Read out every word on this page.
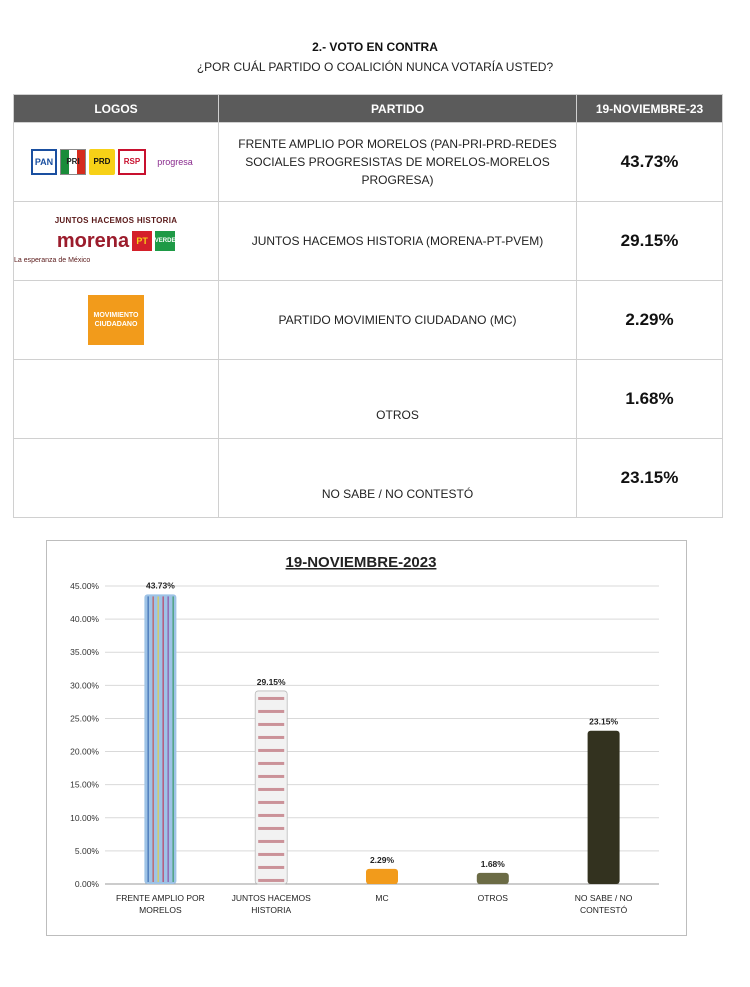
2.- VOTO EN CONTRA
¿POR CUÁL PARTIDO O COALICIÓN NUNCA VOTARÍA USTED?
LOGOS	PARTIDO	19-NOVIEMBRE-23

PAN PRI PRD RSP progresa	FRENTE AMPLIO POR MORELOS (PAN-PRI-PRD-REDES SOCIALES PROGRESISTAS DE MORELOS-MORELOS PROGRESA)	43.73%

JUNTOS HACEMOS HISTORIA
morena PT VERDE
La esperanza de México	JUNTOS HACEMOS HISTORIA (MORENA-PT-PVEM)	29.15%

MOVIMIENTO
CIUDADANO	PARTIDO MOVIMIENTO CIUDADANO (MC)	2.29%
	OTROS	1.68%
	NO SABE / NO CONTESTÓ	23.15%
19-NOVIEMBRE-2023
0.00%
5.00%
10.00%
15.00%
20.00%
25.00%
30.00%
35.00%
40.00%
45.00%	43.73%
FRENTE AMPLIO POR
MORELOS
29.15%
JUNTOS HACEMOS
HISTORIA
2.29%
MC
1.68%
OTROS
23.15%
NO SABE / NO
CONTESTÓ
